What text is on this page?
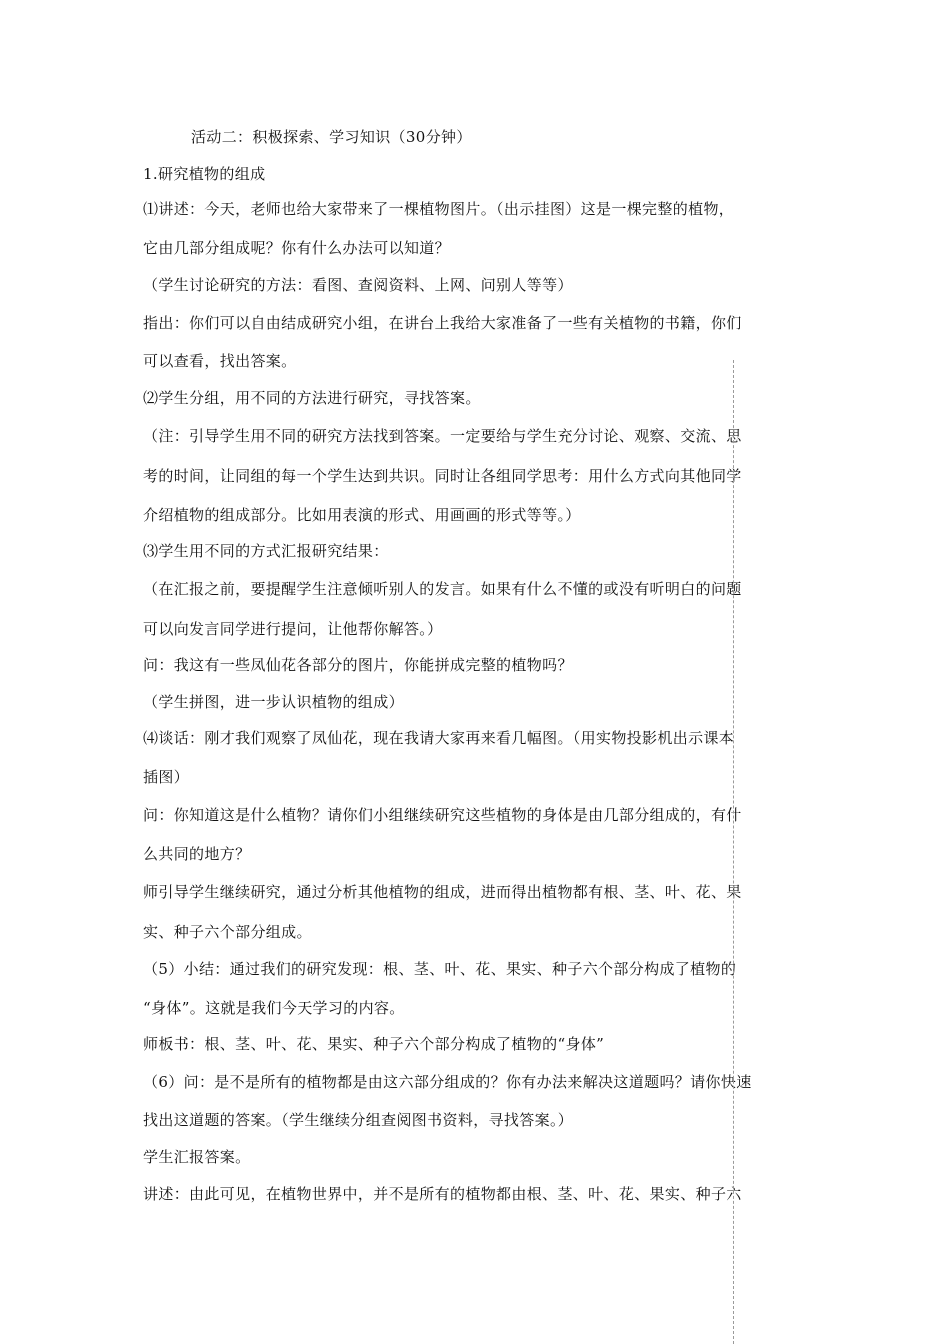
活动二：积极探索、学习知识（30分钟）
1.研究植物的组成
⑴讲述：今天，老师也给大家带来了一棵植物图片。（出示挂图）这是一棵完整的植物，
它由几部分组成呢？你有什么办法可以知道？
（学生讨论研究的方法：看图、查阅资料、上网、问别人等等）
指出：你们可以自由结成研究小组，在讲台上我给大家准备了一些有关植物的书籍，你们
可以查看，找出答案。
⑵学生分组，用不同的方法进行研究，寻找答案。
（注：引导学生用不同的研究方法找到答案。一定要给与学生充分讨论、观察、交流、思
考的时间，让同组的每一个学生达到共识。同时让各组同学思考：用什么方式向其他同学
介绍植物的组成部分。比如用表演的形式、用画画的形式等等。）
⑶学生用不同的方式汇报研究结果：
（在汇报之前，要提醒学生注意倾听别人的发言。如果有什么不懂的或没有听明白的问题
可以向发言同学进行提问，让他帮你解答。）
问：我这有一些凤仙花各部分的图片，你能拼成完整的植物吗？
（学生拼图，进一步认识植物的组成）
⑷谈话：刚才我们观察了凤仙花，现在我请大家再来看几幅图。（用实物投影机出示课本
插图）
问：你知道这是什么植物？请你们小组继续研究这些植物的身体是由几部分组成的，有什
么共同的地方？
师引导学生继续研究，通过分析其他植物的组成，进而得出植物都有根、茎、叶、花、果
实、种子六个部分组成。
（5）小结：通过我们的研究发现：根、茎、叶、花、果实、种子六个部分构成了植物的
“身体”。这就是我们今天学习的内容。
师板书：根、茎、叶、花、果实、种子六个部分构成了植物的“身体”
（6）问：是不是所有的植物都是由这六部分组成的？你有办法来解决这道题吗？请你快速
找出这道题的答案。（学生继续分组查阅图书资料，寻找答案。）
学生汇报答案。
讲述：由此可见，在植物世界中，并不是所有的植物都由根、茎、叶、花、果实、种子六
